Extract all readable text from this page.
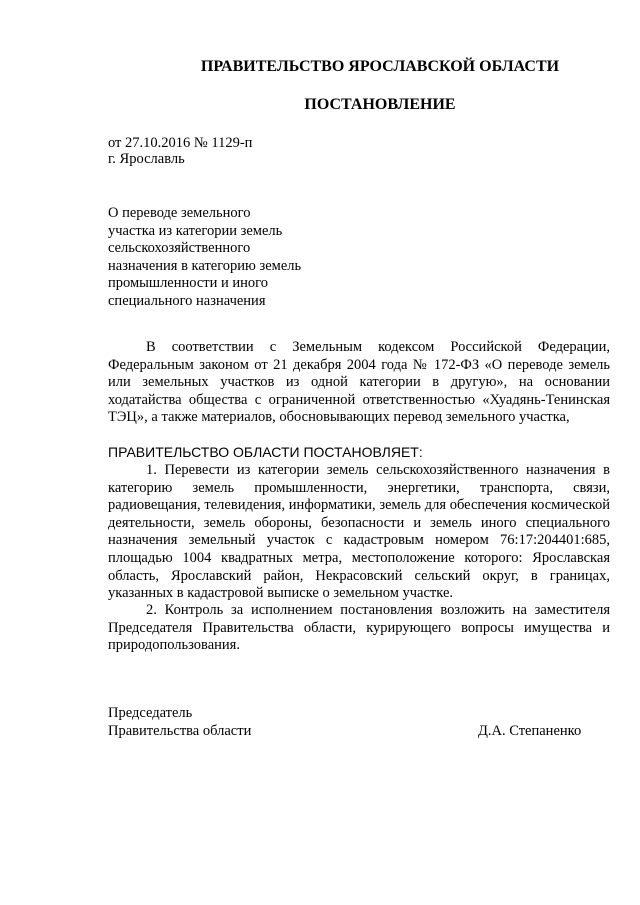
ПРАВИТЕЛЬСТВО ЯРОСЛАВСКОЙ ОБЛАСТИ
ПОСТАНОВЛЕНИЕ
от 27.10.2016 № 1129-п
г. Ярославль
О переводе земельного
участка из категории земель
сельскохозяйственного
назначения в категорию земель
промышленности и иного
специального назначения
В соответствии с Земельным кодексом Российской Федерации, Федеральным законом от 21 декабря 2004 года № 172-ФЗ «О переводе земель или земельных участков из одной категории в другую», на основании ходатайства общества с ограниченной ответственностью «Хуадянь-Тенинская ТЭЦ», а также материалов, обосновывающих перевод земельного участка,
ПРАВИТЕЛЬСТВО ОБЛАСТИ ПОСТАНОВЛЯЕТ:
1. Перевести из категории земель сельскохозяйственного назначения в категорию земель промышленности, энергетики, транспорта, связи, радиовещания, телевидения, информатики, земель для обеспечения космической деятельности, земель обороны, безопасности и земель иного специального назначения земельный участок с кадастровым номером 76:17:204401:685, площадью 1004 квадратных метра, местоположение которого: Ярославская область, Ярославский район, Некрасовский сельский округ, в границах, указанных в кадастровой выписке о земельном участке.
2. Контроль за исполнением постановления возложить на заместителя Председателя Правительства области, курирующего вопросы имущества и природопользования.
Председатель
Правительства области	Д.А. Степаненко
